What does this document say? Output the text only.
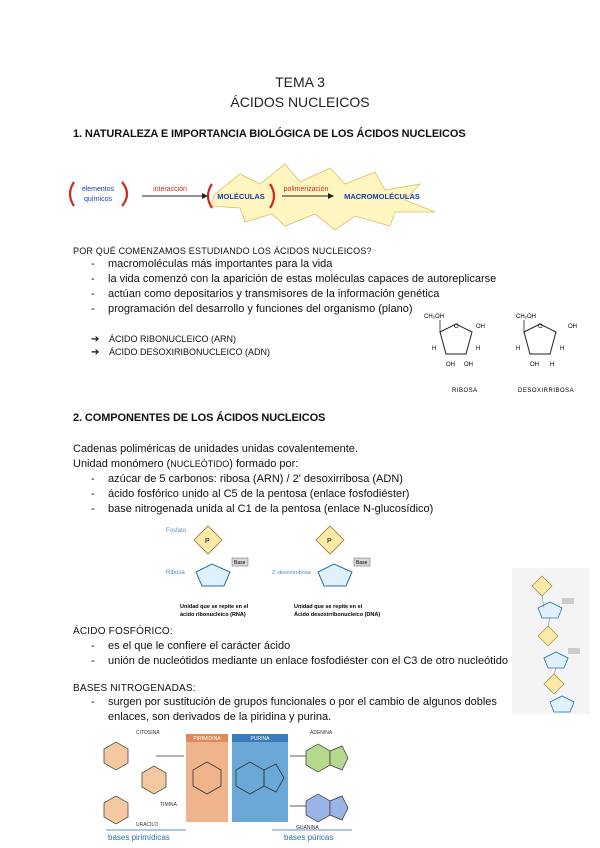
TEMA 3
ÁCIDOS NUCLEICOS
1. NATURALEZA E IMPORTANCIA BIOLÓGICA DE LOS ÁCIDOS NUCLEICOS
elementos
químicos
interacción
MOLÉCULAS
polimerización
MACROMOLÉCULAS
POR QUÉ COMENZAMOS ESTUDIANDO LOS ÁCIDOS NUCLEICOS?
- macromoléculas más importantes para la vida
- la vida comenzó con la aparición de estas moléculas capaces de autoreplicarse
- actúan como depositarios y transmisores de la información genética
- programación del desarrollo y funciones del organismo (plano)
➔ ÁCIDO RIBONUCLEICO (ARN)
➔ ÁCIDO DESOXIRIBONUCLEICO (ADN)
O
CH₂OH
OH
OH OH
H	H
RIBOSA
O
CH₂OH
OH
OH H
H	H
DESOXIRRIBOSA
2. COMPONENTES DE LOS ÁCIDOS NUCLEICOS
Cadenas poliméricas de unidades unidas covalentemente.
Unidad monómero (NUCLEÓTIDO) formado por:
- azúcar de 5 carbonos: ribosa (ARN) / 2' desoxirribosa (ADN)
- ácido fosfórico unido al C5 de la pentosa (enlace fosfodiéster)
- base nitrogenada unida al C1 de la pentosa (enlace N-glucosídico)
Fosfato
P
Base
Ribosa
Unidad que se repite en el
ácido ribonucleico (RNA)
P
Base
2'-desoxirribosa
Unidad que se repite en el
Ácido desoxirribonucleico (DNA)
ÁCIDO FOSFÓRICO:
- es el que le confiere el carácter ácido
- unión de nucleótidos mediante un enlace fosfodiéster con el C3 de otro nucleótido
BASES NITROGENADAS:
- surgen por sustitución de grupos funcionales o por el cambio de algunos dobles
enlaces, son derivados de la piridina y purina.
PIRIMIDINA	PURINA
CITOSINA
TIMINA
URACILO
ADENINA
GUANINA
bases pirimídicas	bases púricas
